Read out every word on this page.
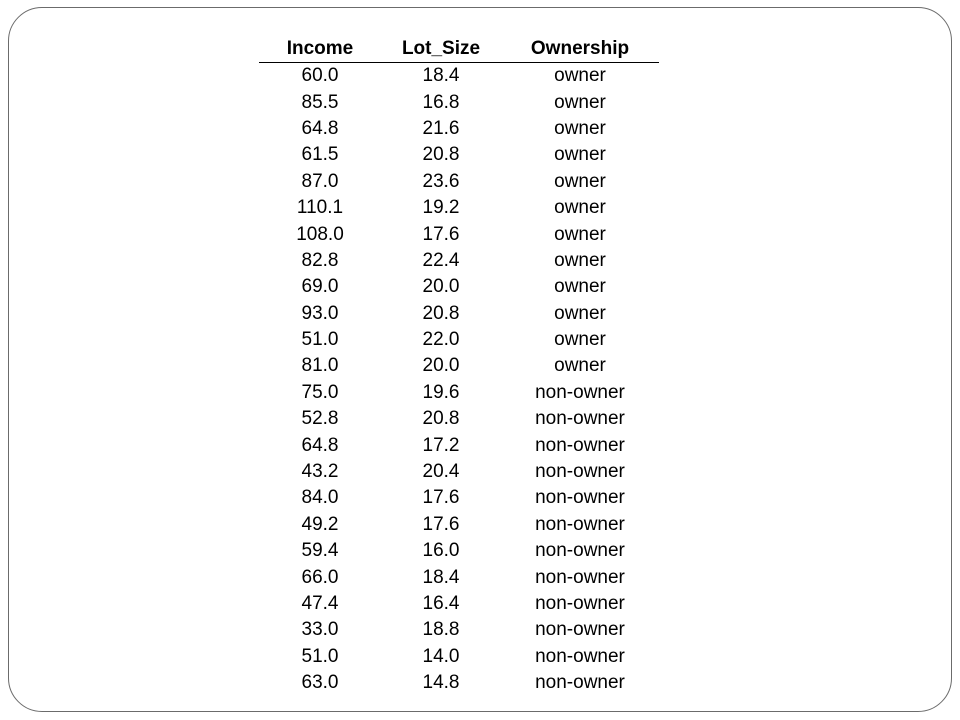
Income	Lot_Size	Ownership
60.0	18.4	owner
85.5	16.8	owner
64.8	21.6	owner
61.5	20.8	owner
87.0	23.6	owner
110.1	19.2	owner
108.0	17.6	owner
82.8	22.4	owner
69.0	20.0	owner
93.0	20.8	owner
51.0	22.0	owner
81.0	20.0	owner
75.0	19.6	non-owner
52.8	20.8	non-owner
64.8	17.2	non-owner
43.2	20.4	non-owner
84.0	17.6	non-owner
49.2	17.6	non-owner
59.4	16.0	non-owner
66.0	18.4	non-owner
47.4	16.4	non-owner
33.0	18.8	non-owner
51.0	14.0	non-owner
63.0	14.8	non-owner
